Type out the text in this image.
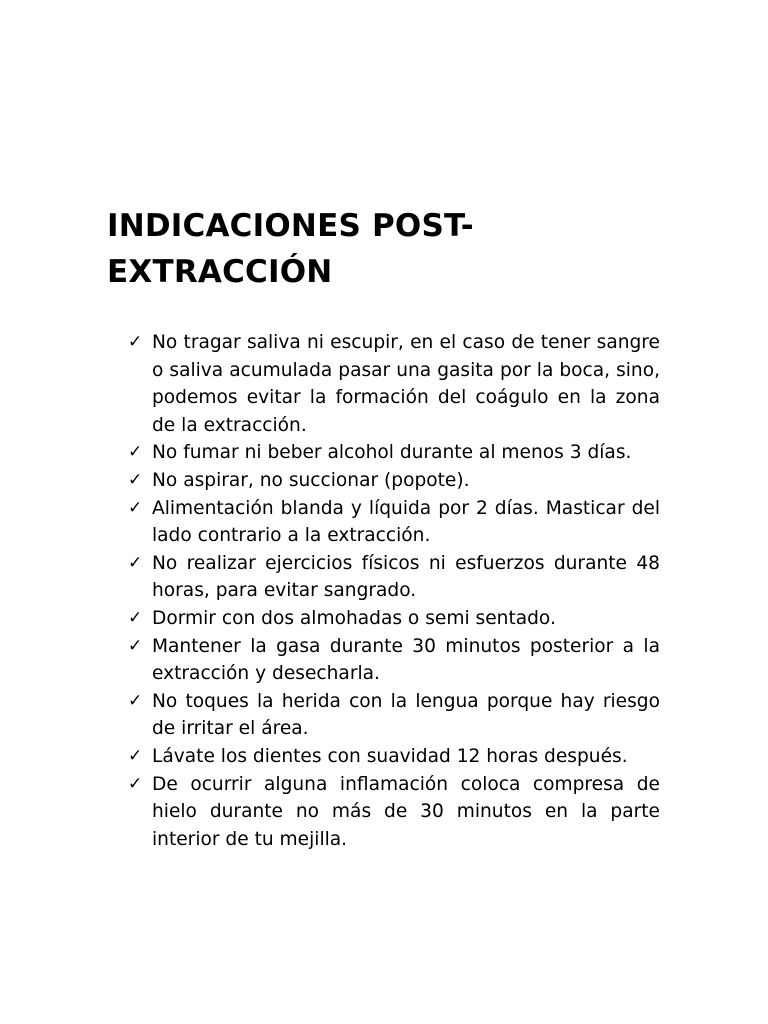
INDICACIONES POST-EXTRACCIÓN
✓ No tragar saliva ni escupir, en el caso de tener sangre o saliva acumulada pasar una gasita por la boca, sino, podemos evitar la formación del coágulo en la zona de la extracción.
✓ No fumar ni beber alcohol durante al menos 3 días.
✓ No aspirar, no succionar (popote).
✓ Alimentación blanda y líquida por 2 días. Masticar del lado contrario a la extracción.
✓ No realizar ejercicios físicos ni esfuerzos durante 48 horas, para evitar sangrado.
✓ Dormir con dos almohadas o semi sentado.
✓ Mantener la gasa durante 30 minutos posterior a la extracción y desecharla.
✓ No toques la herida con la lengua porque hay riesgo de irritar el área.
✓ Lávate los dientes con suavidad 12 horas después.
✓ De ocurrir alguna inflamación coloca compresa de hielo durante no más de 30 minutos en la parte interior de tu mejilla.
